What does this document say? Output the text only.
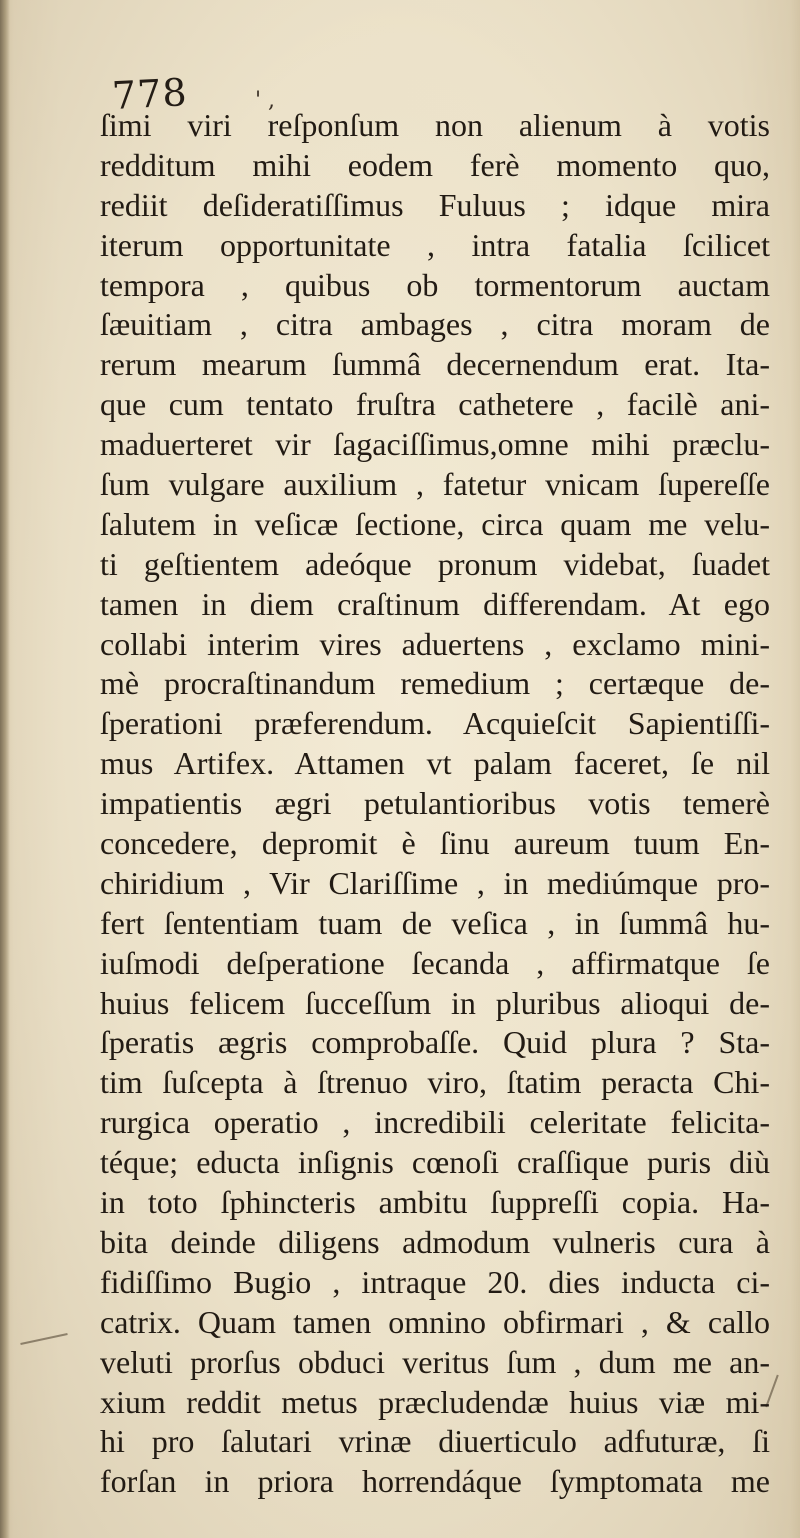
778	' ,
ſimi viri reſponſum non alienum à votis
redditum mihi eodem ferè momento quo,
rediit deſideratiſſimus Fuluus ; idque mira
iterum opportunitate , intra fatalia ſcilicet
tempora , quibus ob tormentorum auctam
ſæuitiam , citra ambages , citra moram de
rerum mearum ſummâ decernendum erat. Ita-
que cum tentato fruſtra cathetere , facilè ani-
maduerteret vir ſagaciſſimus,omne mihi præclu-
ſum vulgare auxilium , fatetur vnicam ſupereſſe
ſalutem in veſicæ ſectione, circa quam me velu-
ti geſtientem adeóque pronum videbat, ſuadet
tamen in diem craſtinum differendam. At ego
collabi interim vires aduertens , exclamo mini-
mè procraſtinandum remedium ; certæque de-
ſperationi præferendum. Acquieſcit Sapientiſſi-
mus Artifex. Attamen vt palam faceret, ſe nil
impatientis ægri petulantioribus votis temerè
concedere, depromit è ſinu aureum tuum En-
chiridium , Vir Clariſſime , in mediúmque pro-
fert ſententiam tuam de veſica , in ſummâ hu-
iuſmodi deſperatione ſecanda , affirmatque ſe
huius felicem ſucceſſum in pluribus alioqui de-
ſperatis ægris comprobaſſe. Quid plura ? Sta-
tim ſuſcepta à ſtrenuo viro, ſtatim peracta Chi-
rurgica operatio , incredibili celeritate felicita-
téque; educta inſignis cœnoſi craſſique puris diù
in toto ſphincteris ambitu ſuppreſſi copia. Ha-
bita deinde diligens admodum vulneris cura à
fidiſſimo Bugio , intraque 20. dies inducta ci-
catrix. Quam tamen omnino obfirmari , & callo
veluti prorſus obduci veritus ſum , dum me an-
xium reddit metus præcludendæ huius viæ mi-
hi pro ſalutari vrinæ diuerticulo adfuturæ, ſi
forſan in priora horrendáque ſymptomata me
